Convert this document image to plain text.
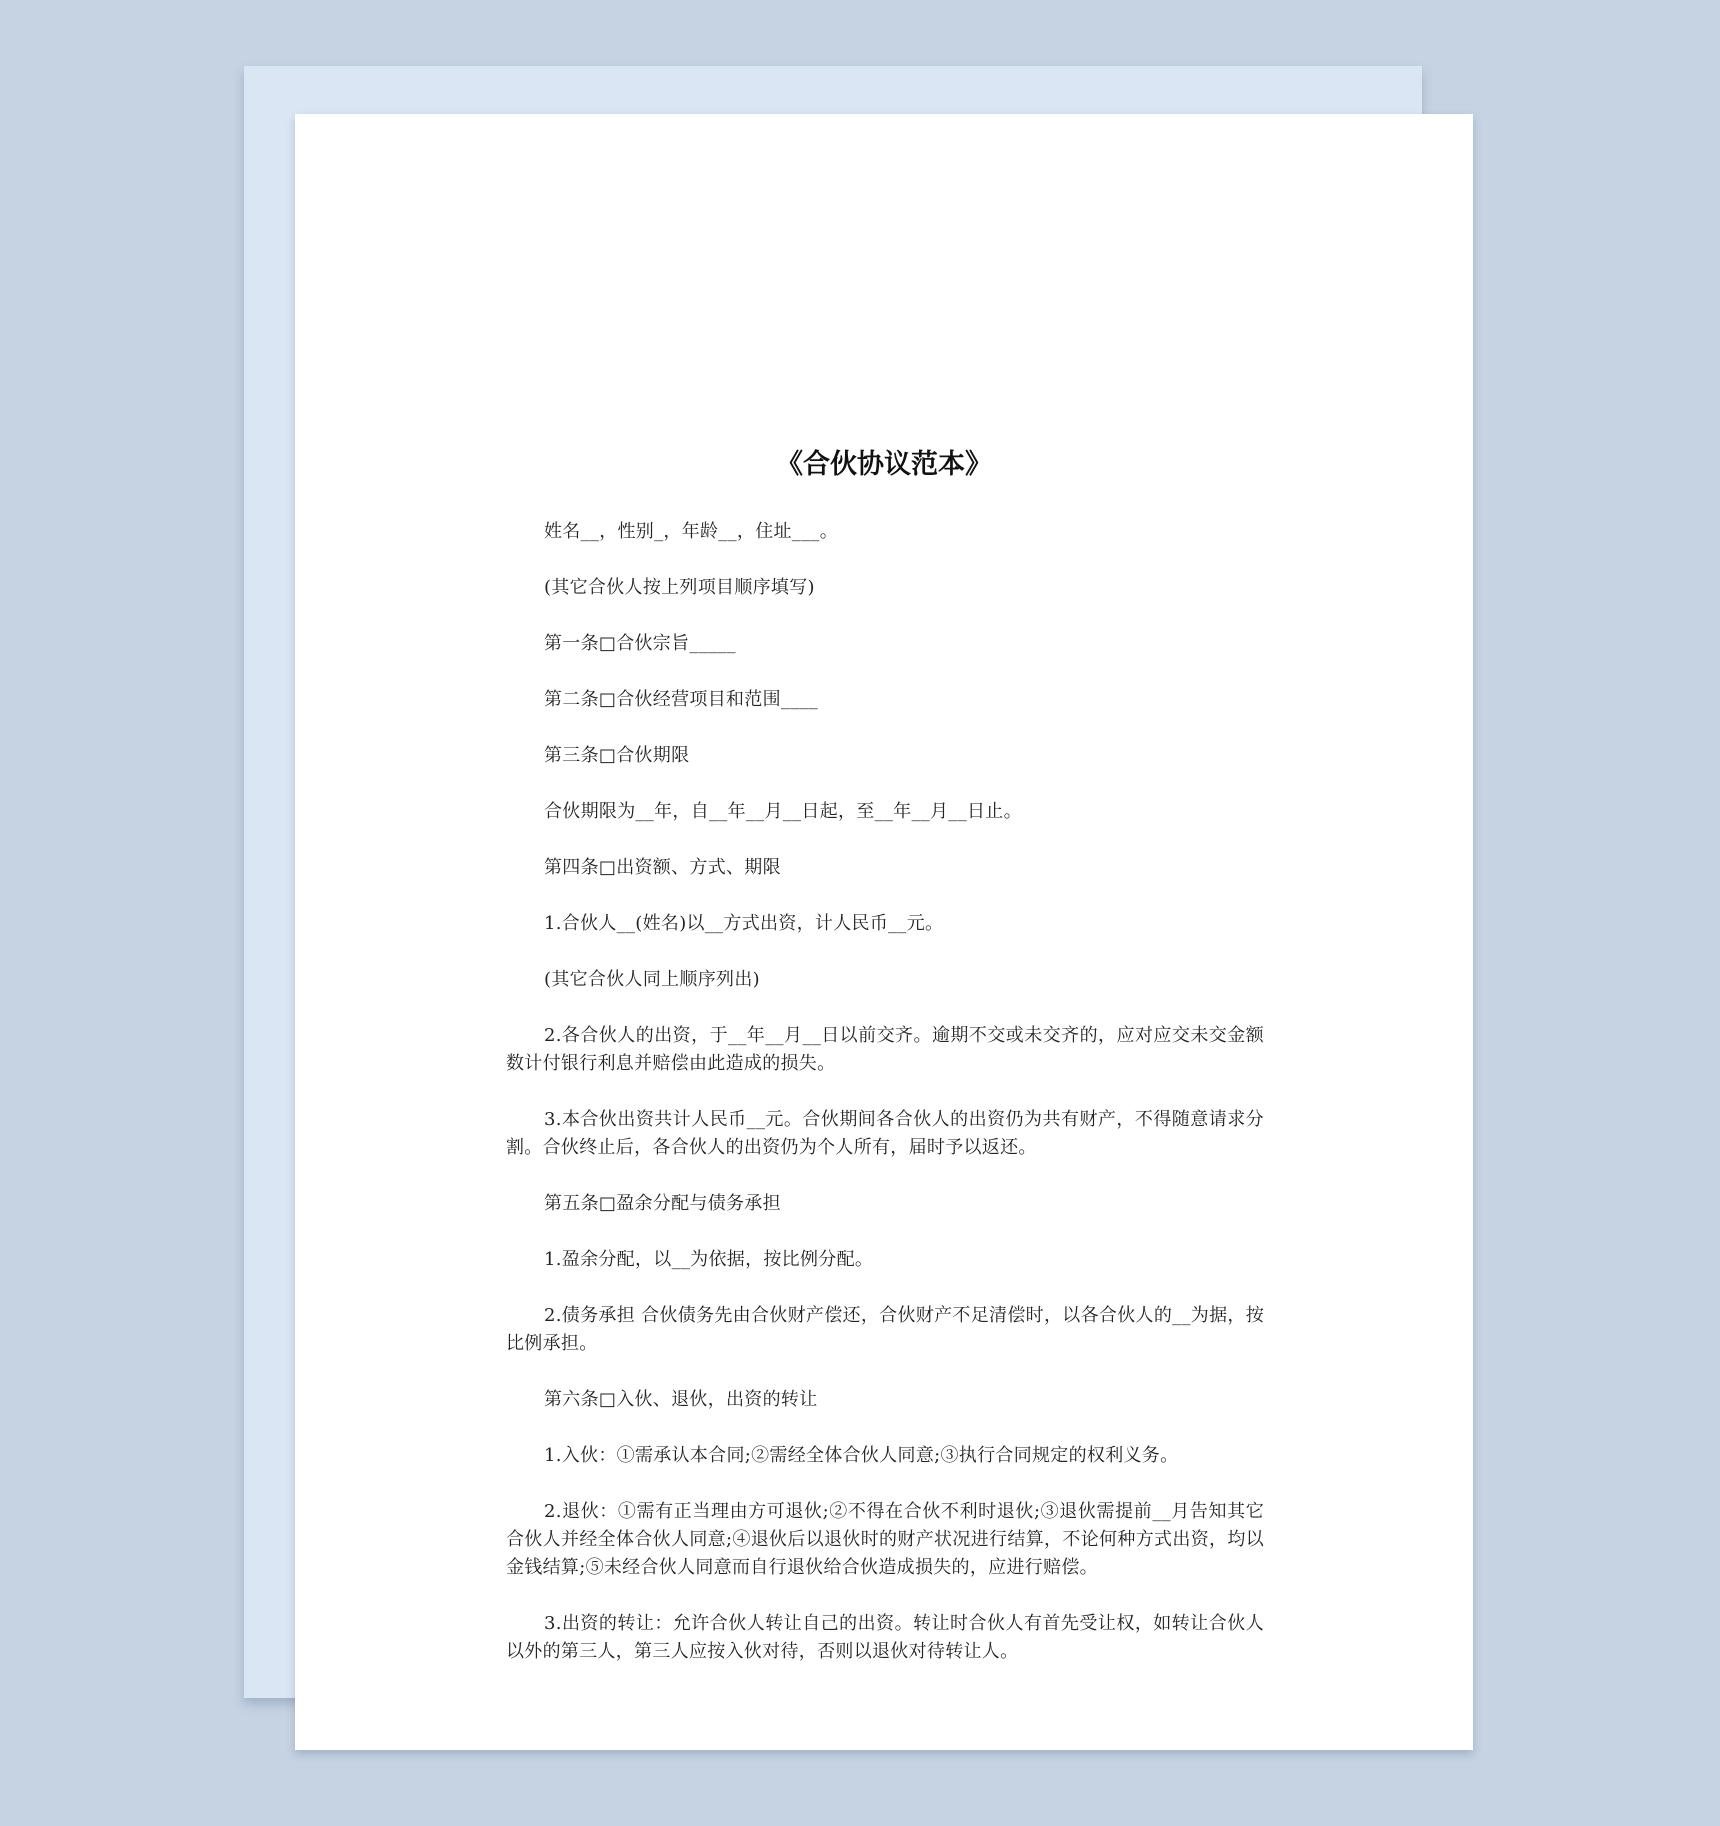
《合伙协议范本》

姓名__，性别_，年龄__，住址___。

(其它合伙人按上列项目顺序填写)

第一条□合伙宗旨_____

第二条□合伙经营项目和范围____

第三条□合伙期限

合伙期限为__年，自__年__月__日起，至__年__月__日止。

第四条□出资额、方式、期限

1.合伙人__(姓名)以__方式出资，计人民币__元。

(其它合伙人同上顺序列出)

2.各合伙人的出资，于__年__月__日以前交齐。逾期不交或未交齐的，应对应交未交金额数计付银行利息并赔偿由此造成的损失。

3.本合伙出资共计人民币__元。合伙期间各合伙人的出资仍为共有财产，不得随意请求分割。合伙终止后，各合伙人的出资仍为个人所有，届时予以返还。

第五条□盈余分配与债务承担

1.盈余分配，以__为依据，按比例分配。

2.债务承担 合伙债务先由合伙财产偿还，合伙财产不足清偿时，以各合伙人的__为据，按比例承担。

第六条□入伙、退伙，出资的转让

1.入伙：①需承认本合同;②需经全体合伙人同意;③执行合同规定的权利义务。

2.退伙：①需有正当理由方可退伙;②不得在合伙不利时退伙;③退伙需提前__月告知其它合伙人并经全体合伙人同意;④退伙后以退伙时的财产状况进行结算，不论何种方式出资，均以金钱结算;⑤未经合伙人同意而自行退伙给合伙造成损失的，应进行赔偿。

3.出资的转让：允许合伙人转让自己的出资。转让时合伙人有首先受让权，如转让合伙人以外的第三人，第三人应按入伙对待，否则以退伙对待转让人。
